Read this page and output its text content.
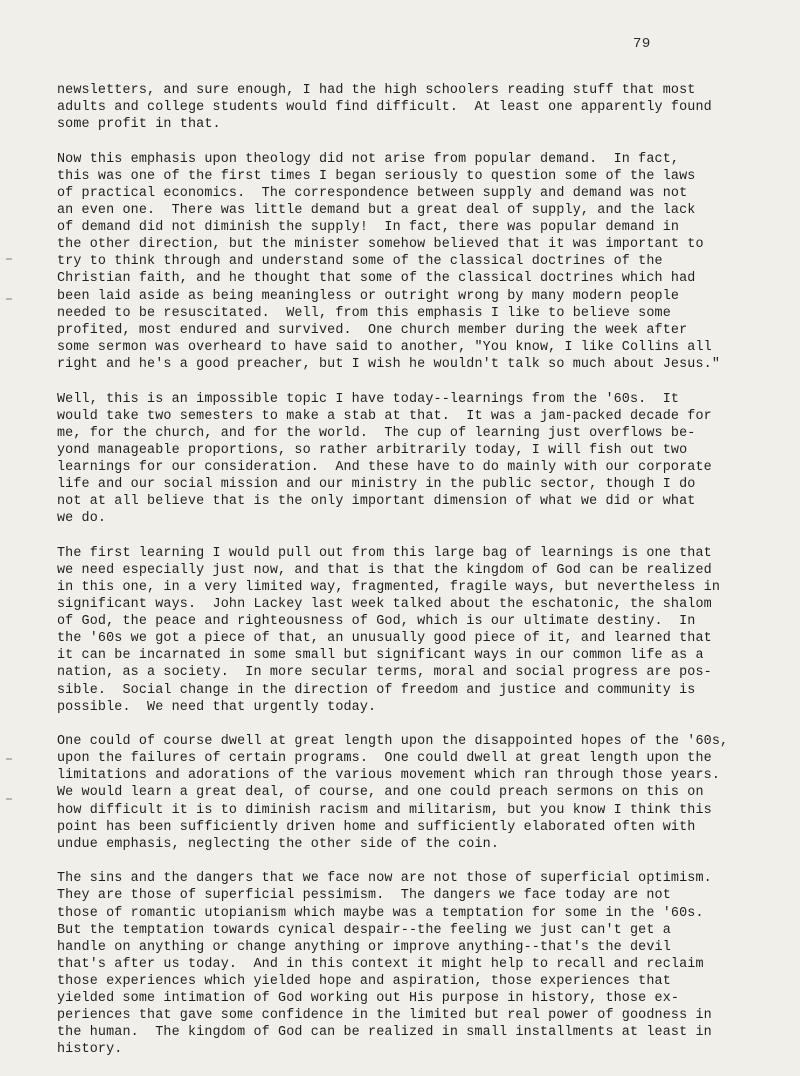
79
newsletters, and sure enough, I had the high schoolers reading stuff that most
adults and college students would find difficult.  At least one apparently found
some profit in that.
Now this emphasis upon theology did not arise from popular demand.  In fact,
this was one of the first times I began seriously to question some of the laws
of practical economics.  The correspondence between supply and demand was not
an even one.  There was little demand but a great deal of supply, and the lack
of demand did not diminish the supply!  In fact, there was popular demand in
the other direction, but the minister somehow believed that it was important to
try to think through and understand some of the classical doctrines of the
Christian faith, and he thought that some of the classical doctrines which had
been laid aside as being meaningless or outright wrong by many modern people
needed to be resuscitated.  Well, from this emphasis I like to believe some
profited, most endured and survived.  One church member during the week after
some sermon was overheard to have said to another, "You know, I like Collins all
right and he's a good preacher, but I wish he wouldn't talk so much about Jesus."
Well, this is an impossible topic I have today--learnings from the '60s.  It
would take two semesters to make a stab at that.  It was a jam-packed decade for
me, for the church, and for the world.  The cup of learning just overflows be-
yond manageable proportions, so rather arbitrarily today, I will fish out two
learnings for our consideration.  And these have to do mainly with our corporate
life and our social mission and our ministry in the public sector, though I do
not at all believe that is the only important dimension of what we did or what
we do.
The first learning I would pull out from this large bag of learnings is one that
we need especially just now, and that is that the kingdom of God can be realized
in this one, in a very limited way, fragmented, fragile ways, but nevertheless in
significant ways.  John Lackey last week talked about the eschatonic, the shalom
of God, the peace and righteousness of God, which is our ultimate destiny.  In
the '60s we got a piece of that, an unusually good piece of it, and learned that
it can be incarnated in some small but significant ways in our common life as a
nation, as a society.  In more secular terms, moral and social progress are pos-
sible.  Social change in the direction of freedom and justice and community is
possible.  We need that urgently today.
One could of course dwell at great length upon the disappointed hopes of the '60s,
upon the failures of certain programs.  One could dwell at great length upon the
limitations and adorations of the various movement which ran through those years.
We would learn a great deal, of course, and one could preach sermons on this on
how difficult it is to diminish racism and militarism, but you know I think this
point has been sufficiently driven home and sufficiently elaborated often with
undue emphasis, neglecting the other side of the coin.
The sins and the dangers that we face now are not those of superficial optimism.
They are those of superficial pessimism.  The dangers we face today are not
those of romantic utopianism which maybe was a temptation for some in the '60s.
But the temptation towards cynical despair--the feeling we just can't get a
handle on anything or change anything or improve anything--that's the devil
that's after us today.  And in this context it might help to recall and reclaim
those experiences which yielded hope and aspiration, those experiences that
yielded some intimation of God working out His purpose in history, those ex-
periences that gave some confidence in the limited but real power of goodness in
the human.  The kingdom of God can be realized in small installments at least in
history.
